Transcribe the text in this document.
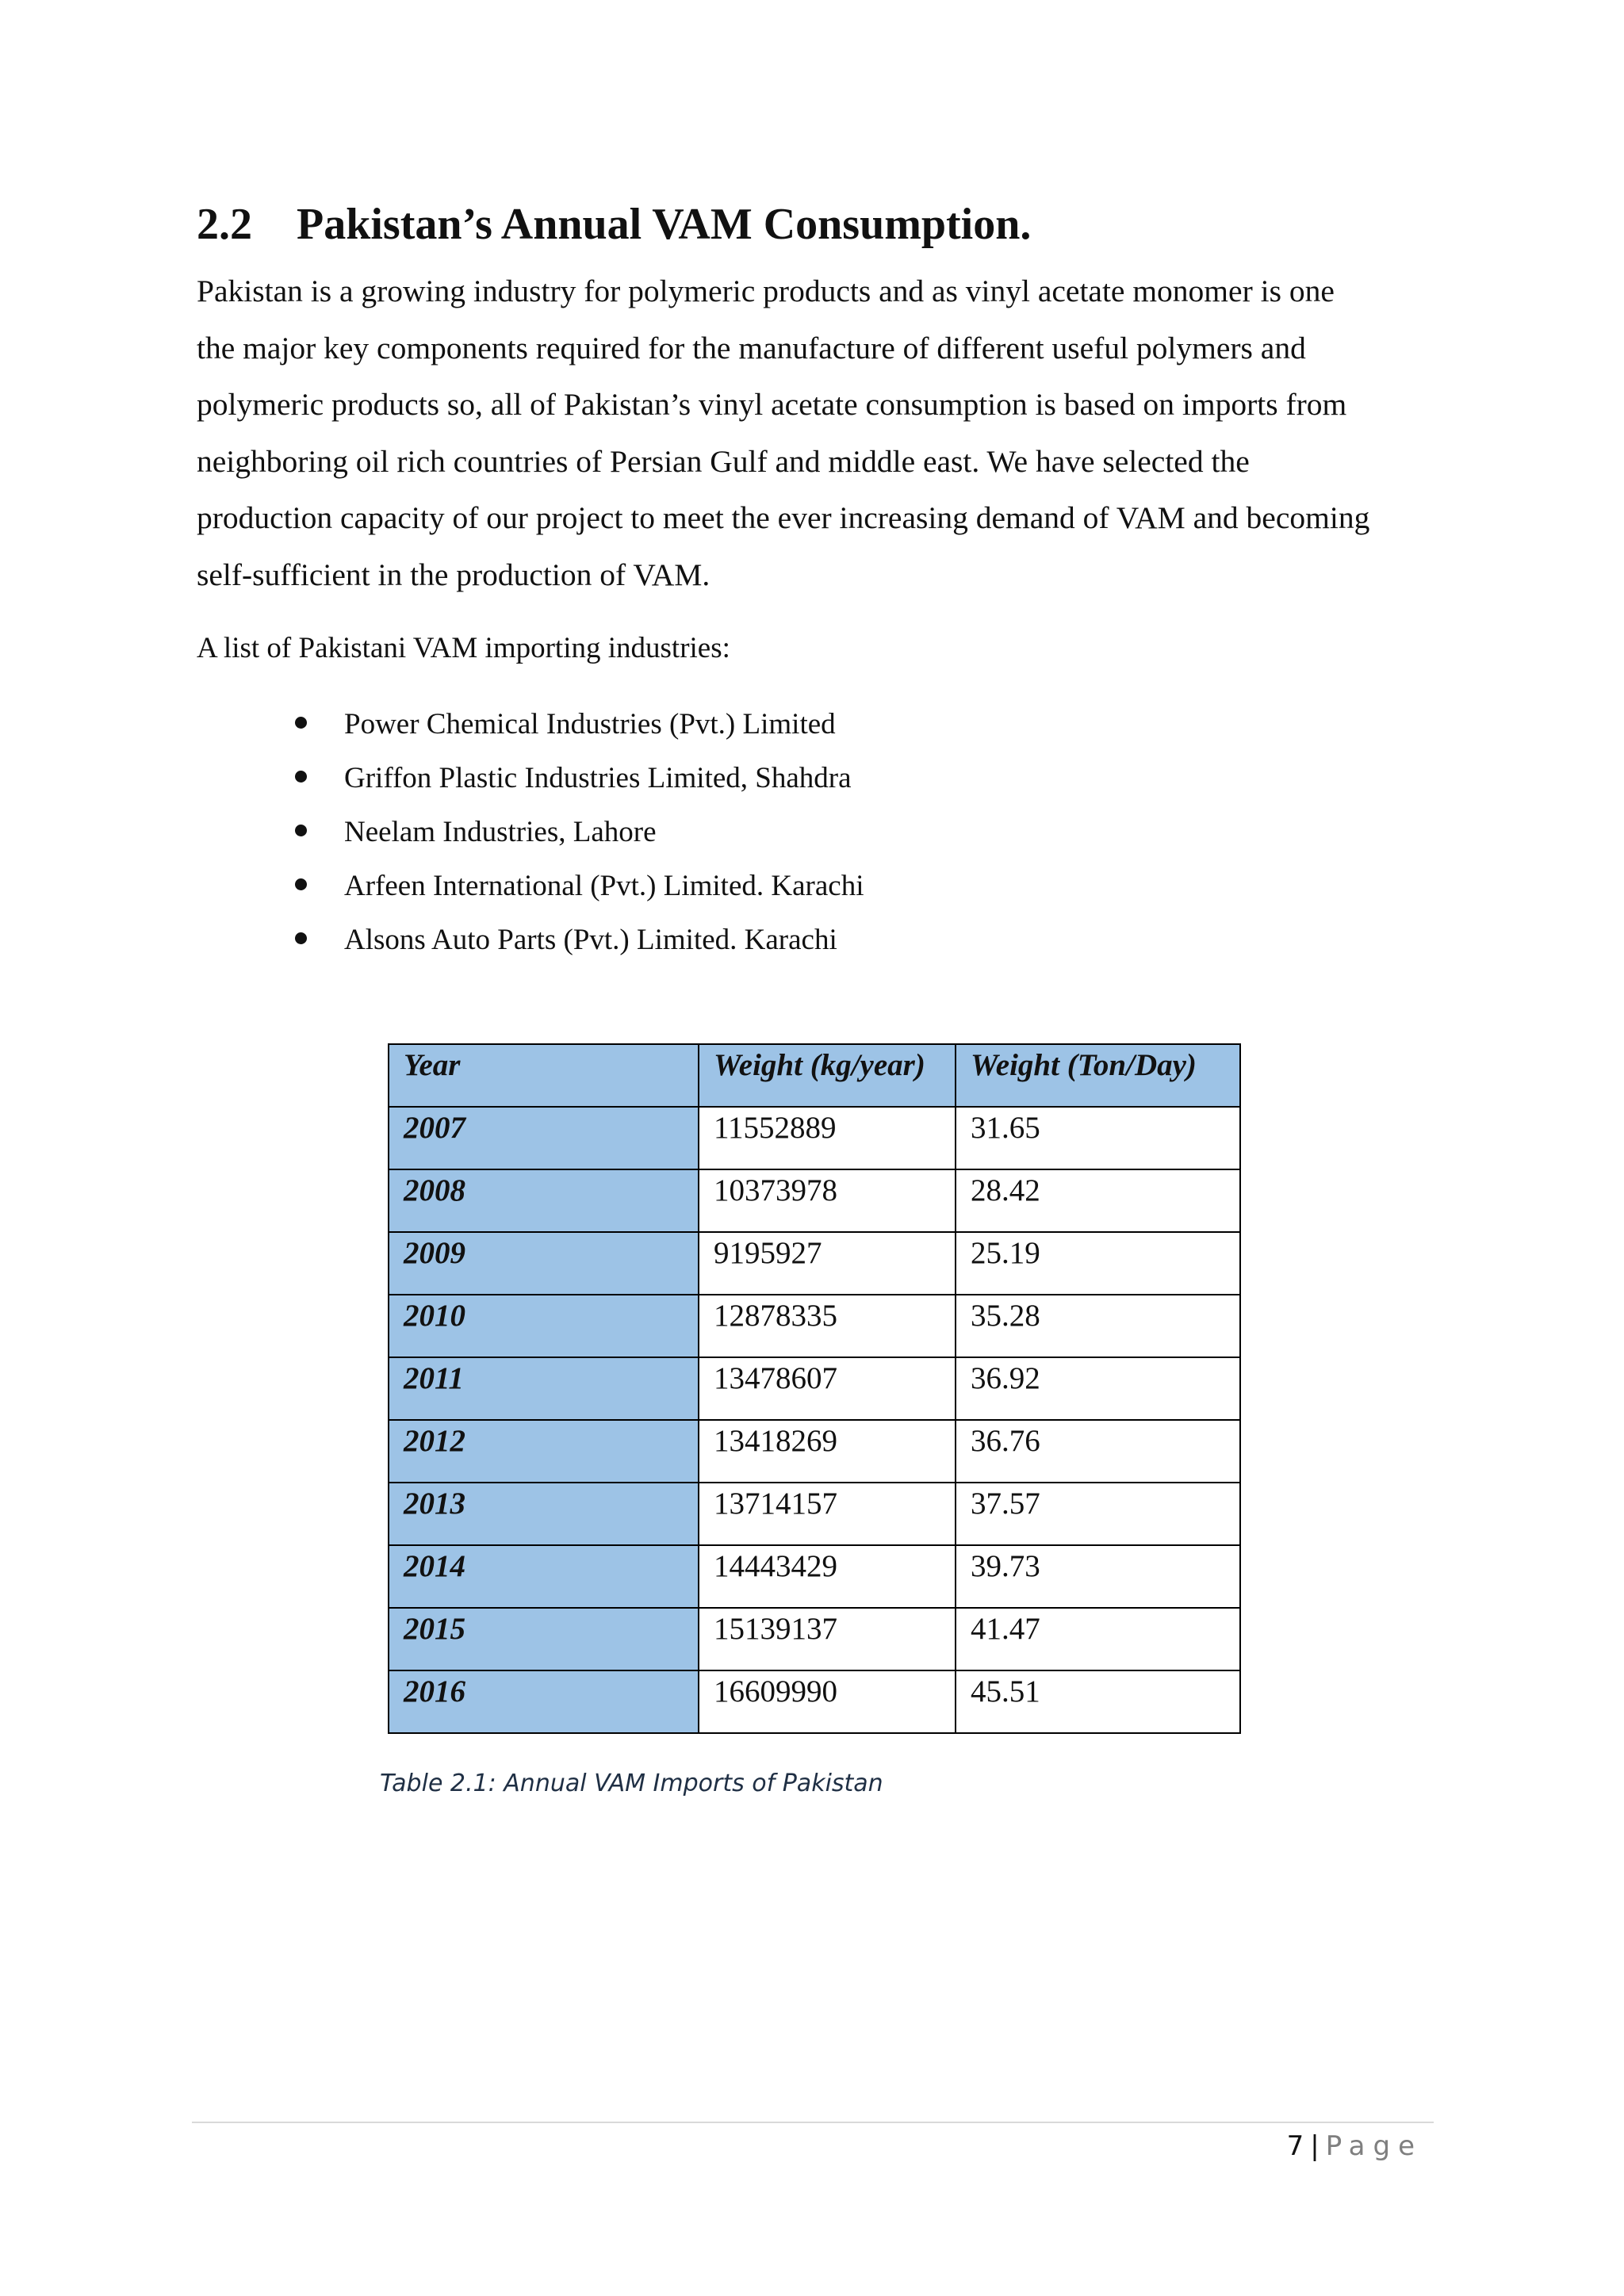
2.2 Pakistan’s Annual VAM Consumption.

Pakistan is a growing industry for polymeric products and as vinyl acetate monomer is one

the major key components required for the manufacture of different useful polymers and

polymeric products so, all of Pakistan’s vinyl acetate consumption is based on imports from

neighboring oil rich countries of Persian Gulf and middle east. We have selected the

production capacity of our project to meet the ever increasing demand of VAM and becoming

self-sufficient in the production of VAM.

A list of Pakistani VAM importing industries:
Power Chemical Industries (Pvt.) Limited
Griffon Plastic Industries Limited, Shahdra
Neelam Industries, Lahore
Arfeen International (Pvt.) Limited. Karachi
Alsons Auto Parts (Pvt.) Limited. Karachi
Year	Weight (kg/year)	Weight (Ton/Day)
2007	11552889	31.65
2008	10373978	28.42
2009	9195927	25.19
2010	12878335	35.28
2011	13478607	36.92
2012	13418269	36.76
2013	13714157	37.57
2014	14443429	39.73
2015	15139137	41.47
2016	16609990	45.51
Table 2.1: Annual VAM Imports of Pakistan
7 | Page
